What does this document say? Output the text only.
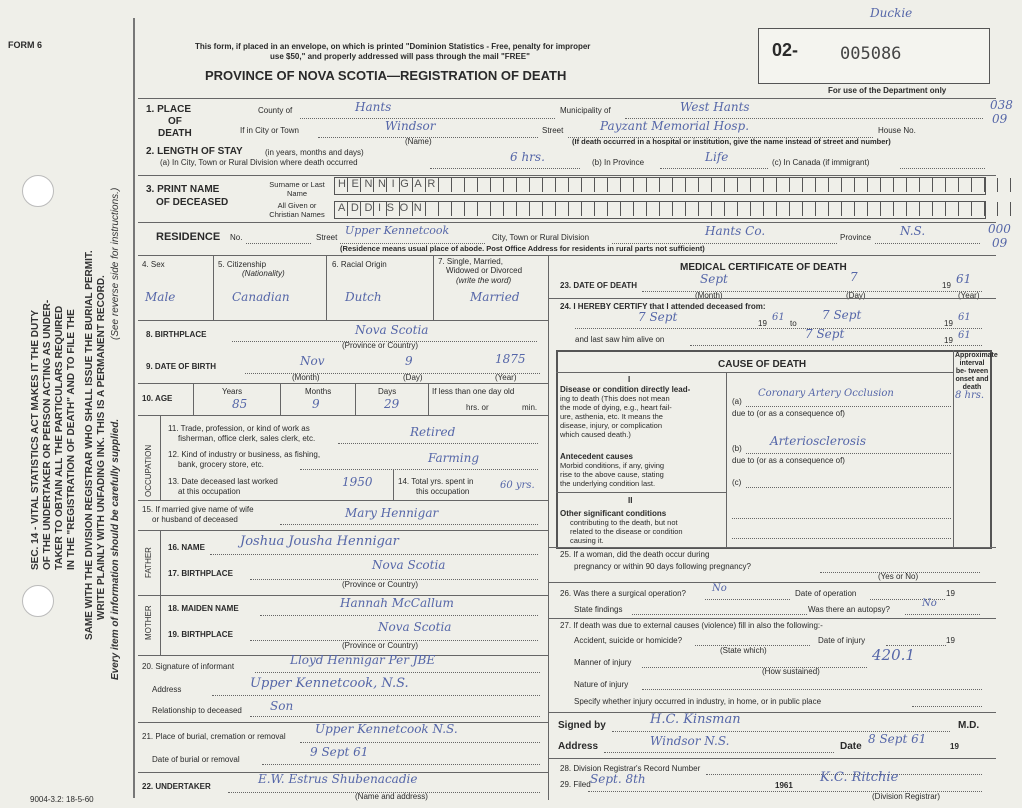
FORM 6	This form, if placed in an envelope, on which is printed "Dominion Statistics - Free, penalty for improper
use $50," and properly addressed will pass through the mail "FREE"
PROVINCE OF NOVA SCOTIA—REGISTRATION OF DEATH
02- 005086
For use of the Department only
Duckie
038
09
000
09
SEC. 14 - VITAL STATISTICS ACT MAKES IT THE DUTY OF THE UNDERTAKER OR PERSON ACTING AS UNDER- TAKER TO OBTAIN ALL THE PARTICULARS REQUIRED IN THE "REGISTRATION OF DEATH" AND TO FILE THE SAME WITH THE DIVISION REGISTRAR WHO SHALL ISSUE THE BURIAL PERMIT. WRITE PLAINLY WITH UNFADING INK. THIS IS A PERMANENT RECORD.
(See reverse side for instructions.)
Every item of information should be carefully supplied.
1. PLACE
OF
DEATH
County of	Hants	Municipality of	West Hants
If in City or Town	Windsor
(Name)
Street	Payzant Memorial Hosp.	House No.
(If death occurred in a hospital or institution, give the name instead of street and number)
2. LENGTH OF STAY	(in years, months and days)
(a) In City, Town or Rural Division where death occurred	6 hrs.	(b) In Province	Life	(c) In Canada (if immigrant)
3. PRINT NAME
OF DECEASED
Surname or Last Name
HENNIGAR
All Given or Christian Names
ADDISON
RESIDENCE No.	Street
Upper Kennetcook
City, Town or Rural Division	Hants Co.	Province N.S.
(Residence means usual place of abode. Post Office Address for residents in rural parts not sufficient)
4. Sex
Male
5. Citizenship
(Nationality)
Canadian
6. Racial Origin
Dutch
7. Single, Married,
Widowed or Divorced
(write the word)
Married
8. BIRTHPLACE	Nova Scotia
(Province or Country)
9. DATE OF BIRTH	Nov	9	1875
(Month)	(Day)	(Year)
10. AGE
Years	Months	Days
85	9	29
If less than one day old
hrs. or	min.
OCCUPATION
11. Trade, profession, or kind of work as
fisherman, office clerk, sales clerk, etc.	Retired
12. Kind of industry or business, as fishing,
bank, grocery store, etc.	Farming
13. Date deceased last worked
at this occupation
1950	14. Total yrs. spent in
this occupation
60 yrs.
15. If married give name of wife
or husband of deceased	Mary Hennigar
FATHER 16. NAME	Joshua Jousha Hennigar
17. BIRTHPLACE
Nova Scotia
(Province or Country)
MOTHER 18. MAIDEN NAME	Hannah McCallum
19. BIRTHPLACE
Nova Scotia
(Province or Country)
20. Signature of informant	Lloyd Hennigar Per JBE
Address	Upper Kennetcook, N.S.
Relationship to deceased Son
21. Place of burial, cremation or removal
Upper Kennetcook N.S.
Date of burial or removal
9 Sept 61
22. UNDERTAKER
E.W. Estrus Shubenacadie
(Name and address)
9004-3.2: 18-5-60
MEDICAL CERTIFICATE OF DEATH
23. DATE OF DEATH	Sept	7
19 61
(Month)	(Day)	(Year)
24. I HEREBY CERTIFY that I attended deceased from:
7 Sept	19
61
to
7 Sept
19
61
and last saw him alive on	7 Sept	19 61
CAUSE OF DEATH
Approximate interval be- tween onset and death
I
Disease or condition directly lead-
ing to death (This does not mean
the mode of dying, e.g., heart fail-
ure, asthenia, etc. It means the
disease, injury, or complication
which caused death.)
(a)
Coronary Artery Occlusion	8 hrs.
due to (or as a consequence of)
Antecedent causes
Morbid conditions, if any, giving
rise to the above cause, stating
the underlying condition last.
(b)
Arteriosclerosis
due to (or as a consequence of)
(c)
II
Other significant conditions
contributing to the death, but not
related to the disease or condition
causing it.
25. If a woman, did the death occur during
pregnancy or within 90 days following pregnancy?
(Yes or No)
26. Was there a surgical operation?	No	Date of operation	19
State findings	Was there an autopsy?
No
27. If death was due to external causes (violence) fill in also the following:-
Accident, suicide or homicide?	Date of injury	19
(State which)	420.1
Manner of injury
(How sustained)
Nature of injury
Specify whether injury occurred in industry, in home, or in public place
Signed by	H.C. Kinsman	M.D.
Address	Windsor N.S.	Date
8 Sept 61
19
28. Division Registrar's Record Number
29. Filed Sept. 8th	1961
K.C. Ritchie
(Division Registrar)
